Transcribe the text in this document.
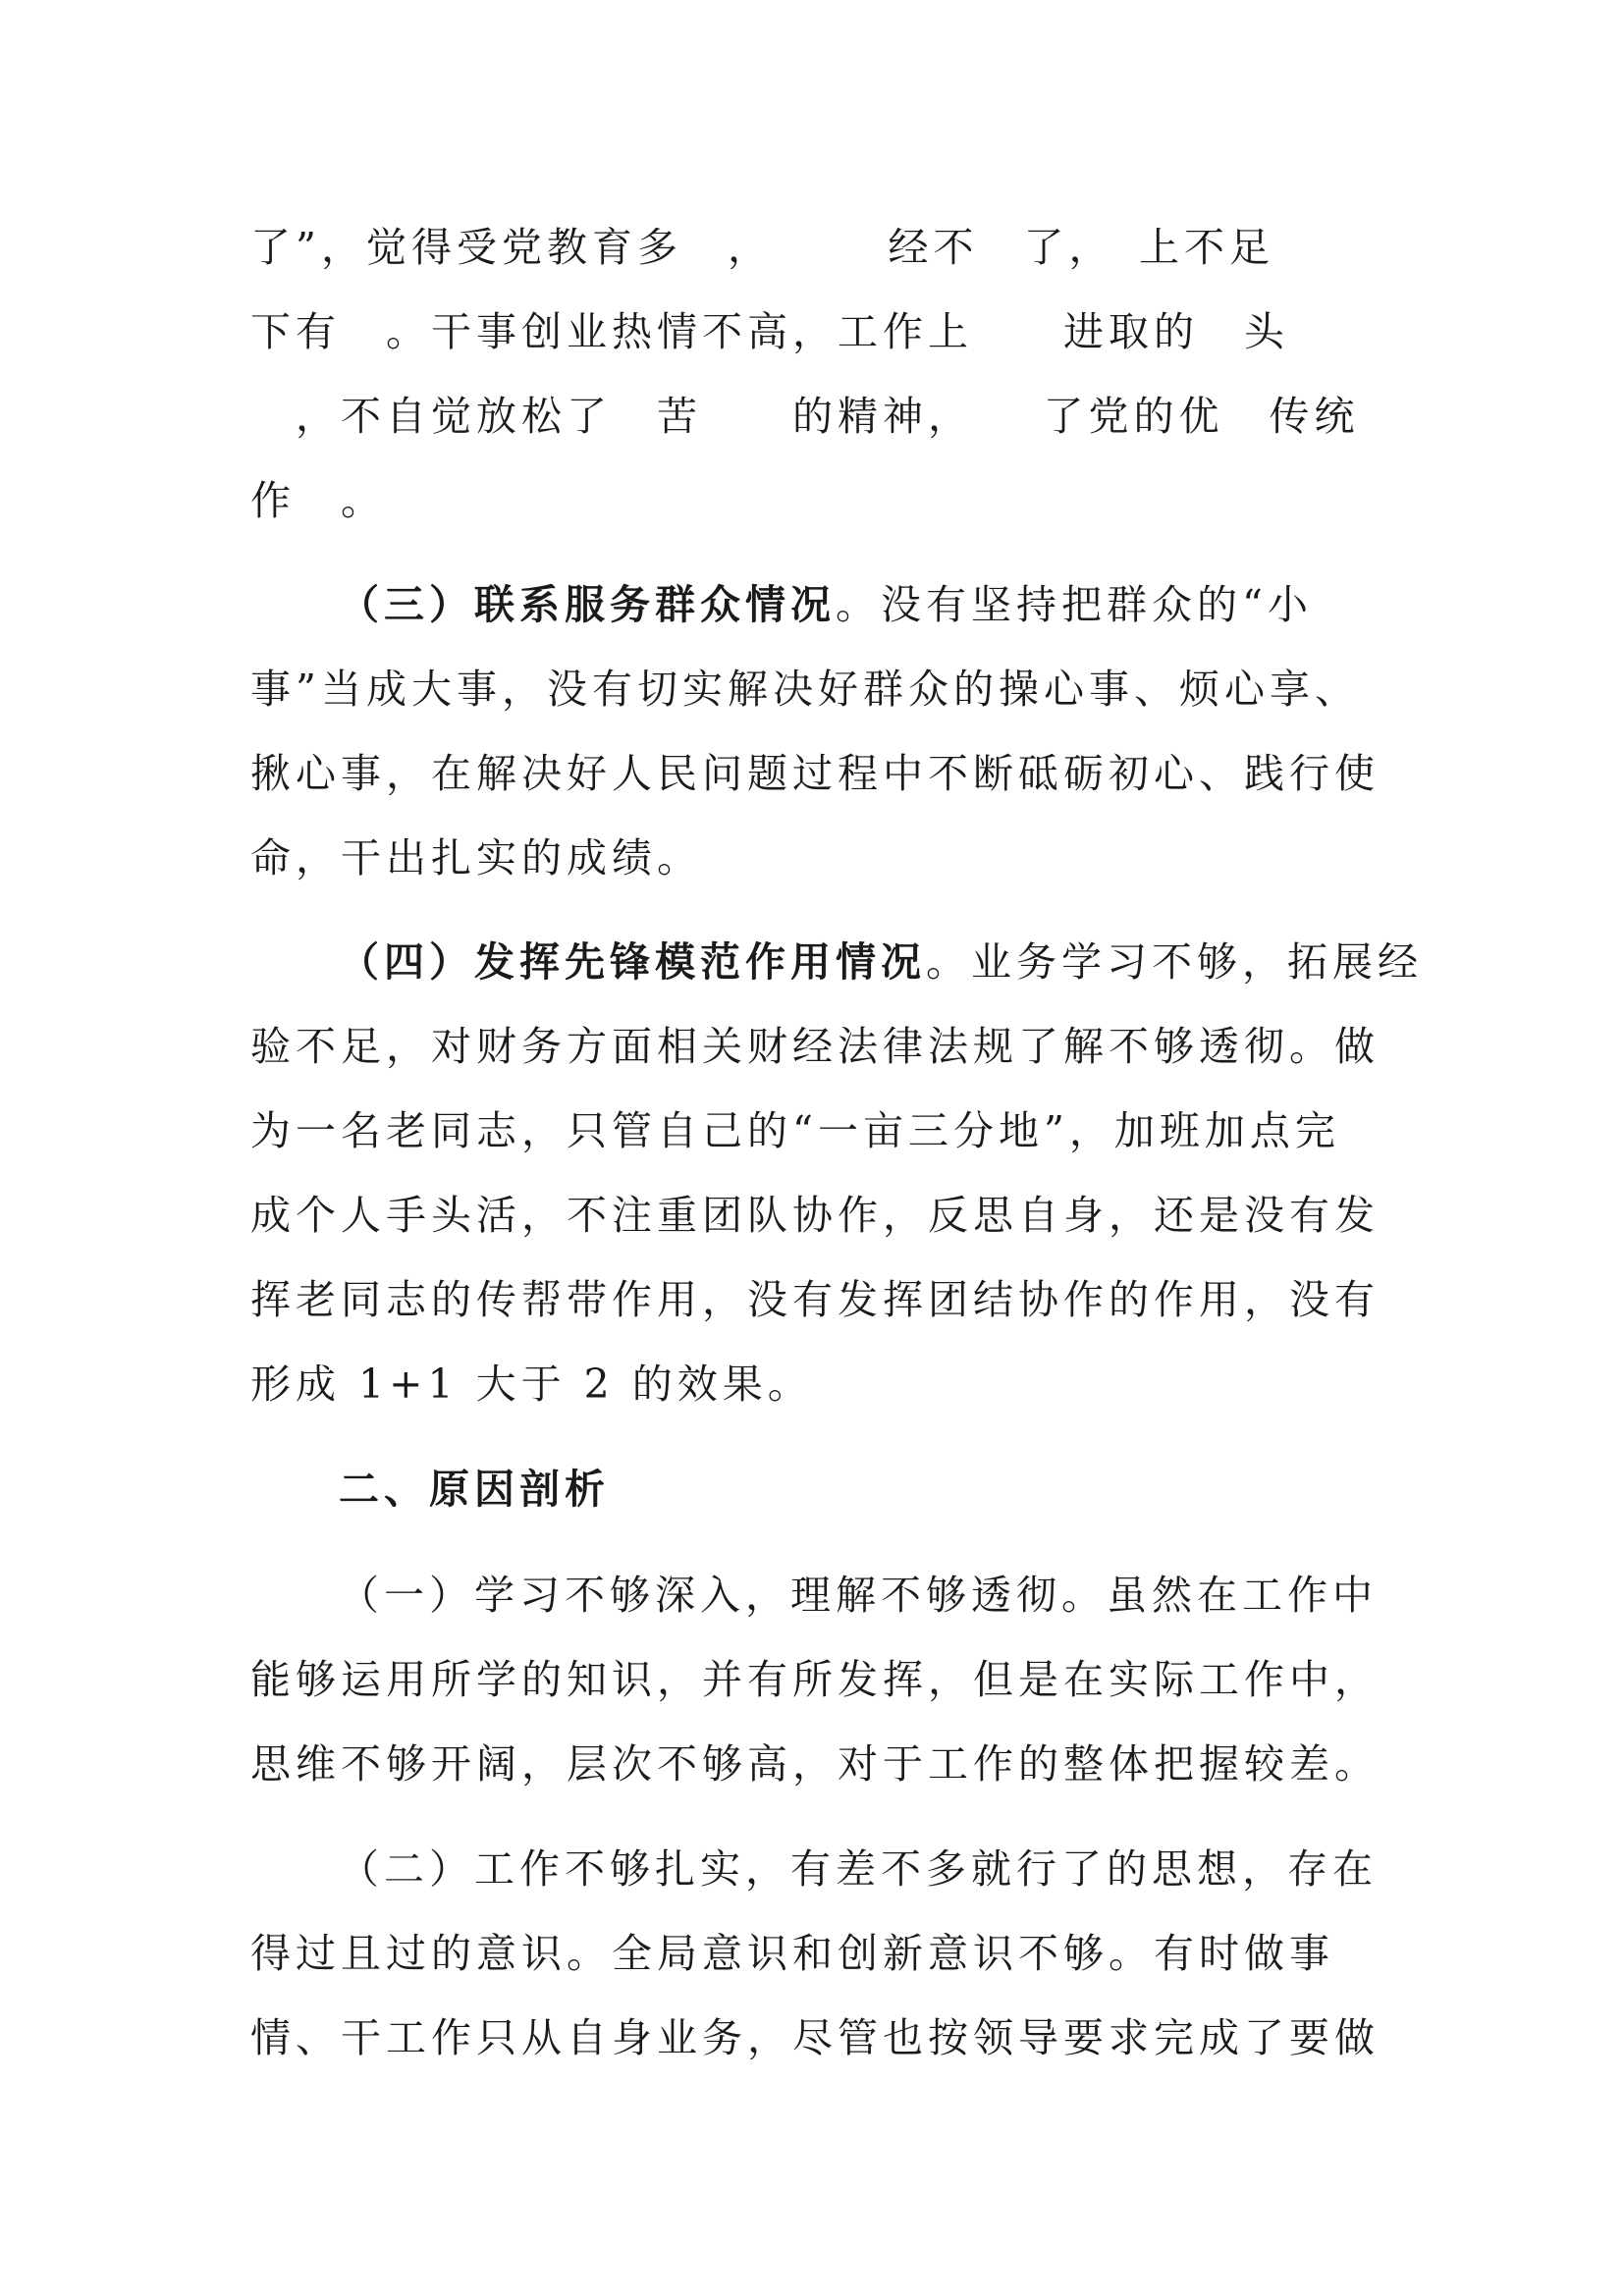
了”，觉得受党教育多　，　　　经不　了，　上不足
下有　。干事创业热情不高，工作上　　进取的　头
　，不自觉放松了　苦　　的精神，　　了党的优　传统
作　。
（三）联系服务群众情况。没有坚持把群众的“小
事”当成大事，没有切实解决好群众的操心事、烦心享、
揪心事，在解决好人民问题过程中不断砥砺初心、践行使
命，干出扎实的成绩。
（四）发挥先锋模范作用情况。业务学习不够，拓展经
验不足，对财务方面相关财经法律法规了解不够透彻。做
为一名老同志，只管自己的“一亩三分地”，加班加点完
成个人手头活，不注重团队协作，反思自身，还是没有发
挥老同志的传帮带作用，没有发挥团结协作的作用，没有
形成 1+1 大于 2 的效果。
二、原因剖析
（一）学习不够深入，理解不够透彻。虽然在工作中
能够运用所学的知识，并有所发挥，但是在实际工作中，
思维不够开阔，层次不够高，对于工作的整体把握较差。
（二）工作不够扎实，有差不多就行了的思想，存在
得过且过的意识。全局意识和创新意识不够。有时做事
情、干工作只从自身业务，尽管也按领导要求完成了要做
